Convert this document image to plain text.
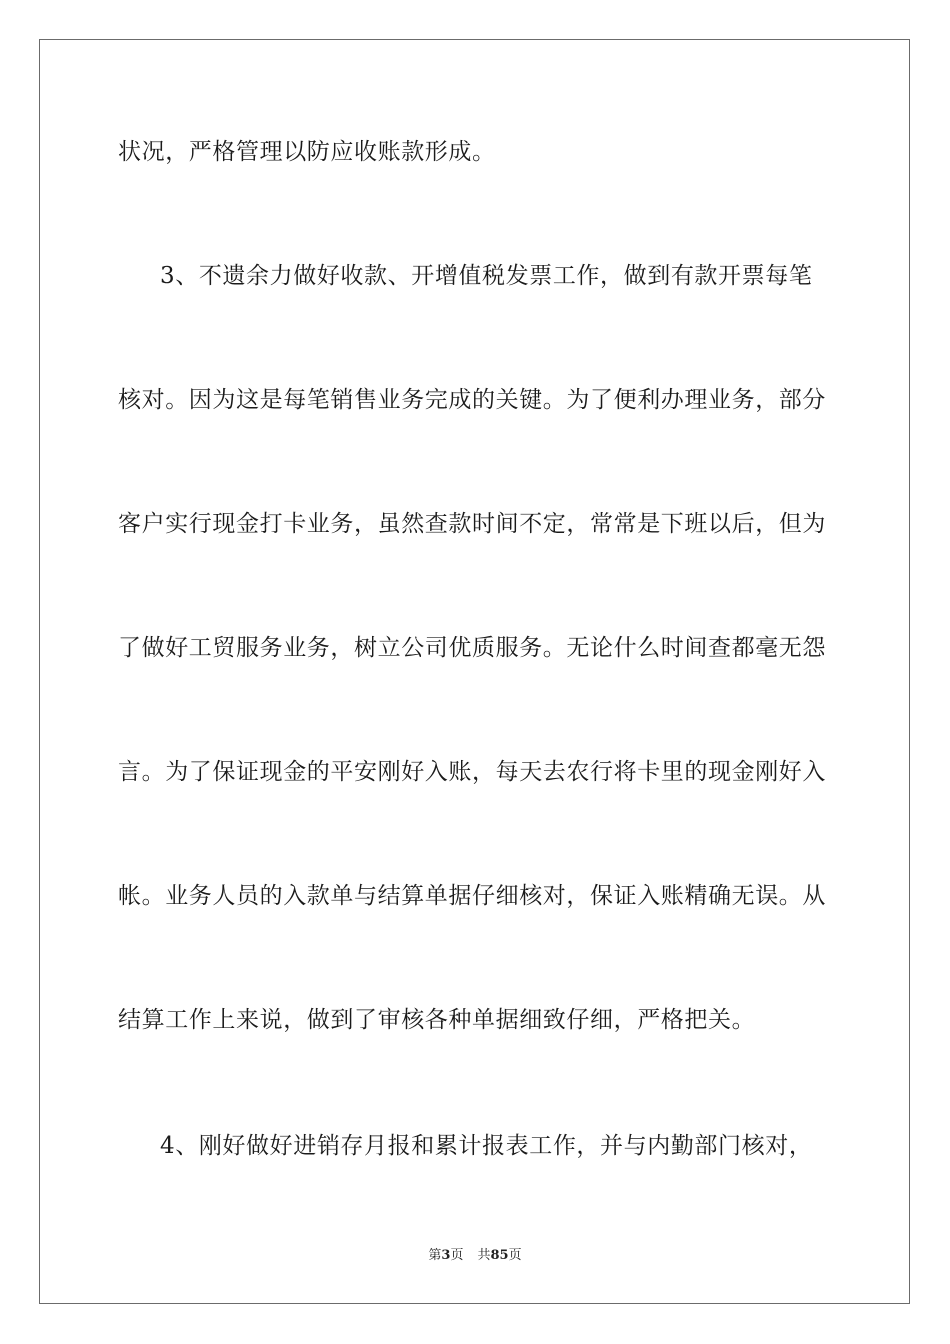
状况，严格管理以防应收账款形成。
3、不遗余力做好收款、开增值税发票工作，做到有款开票每笔
核对。因为这是每笔销售业务完成的关键。为了便利办理业务，部分
客户实行现金打卡业务，虽然查款时间不定，常常是下班以后，但为
了做好工贸服务业务，树立公司优质服务。无论什么时间查都毫无怨
言。为了保证现金的平安刚好入账，每天去农行将卡里的现金刚好入
帐。业务人员的入款单与结算单据仔细核对，保证入账精确无误。从
结算工作上来说，做到了审核各种单据细致仔细，严格把关。
4、刚好做好进销存月报和累计报表工作，并与内勤部门核对，
第3页 共85页
